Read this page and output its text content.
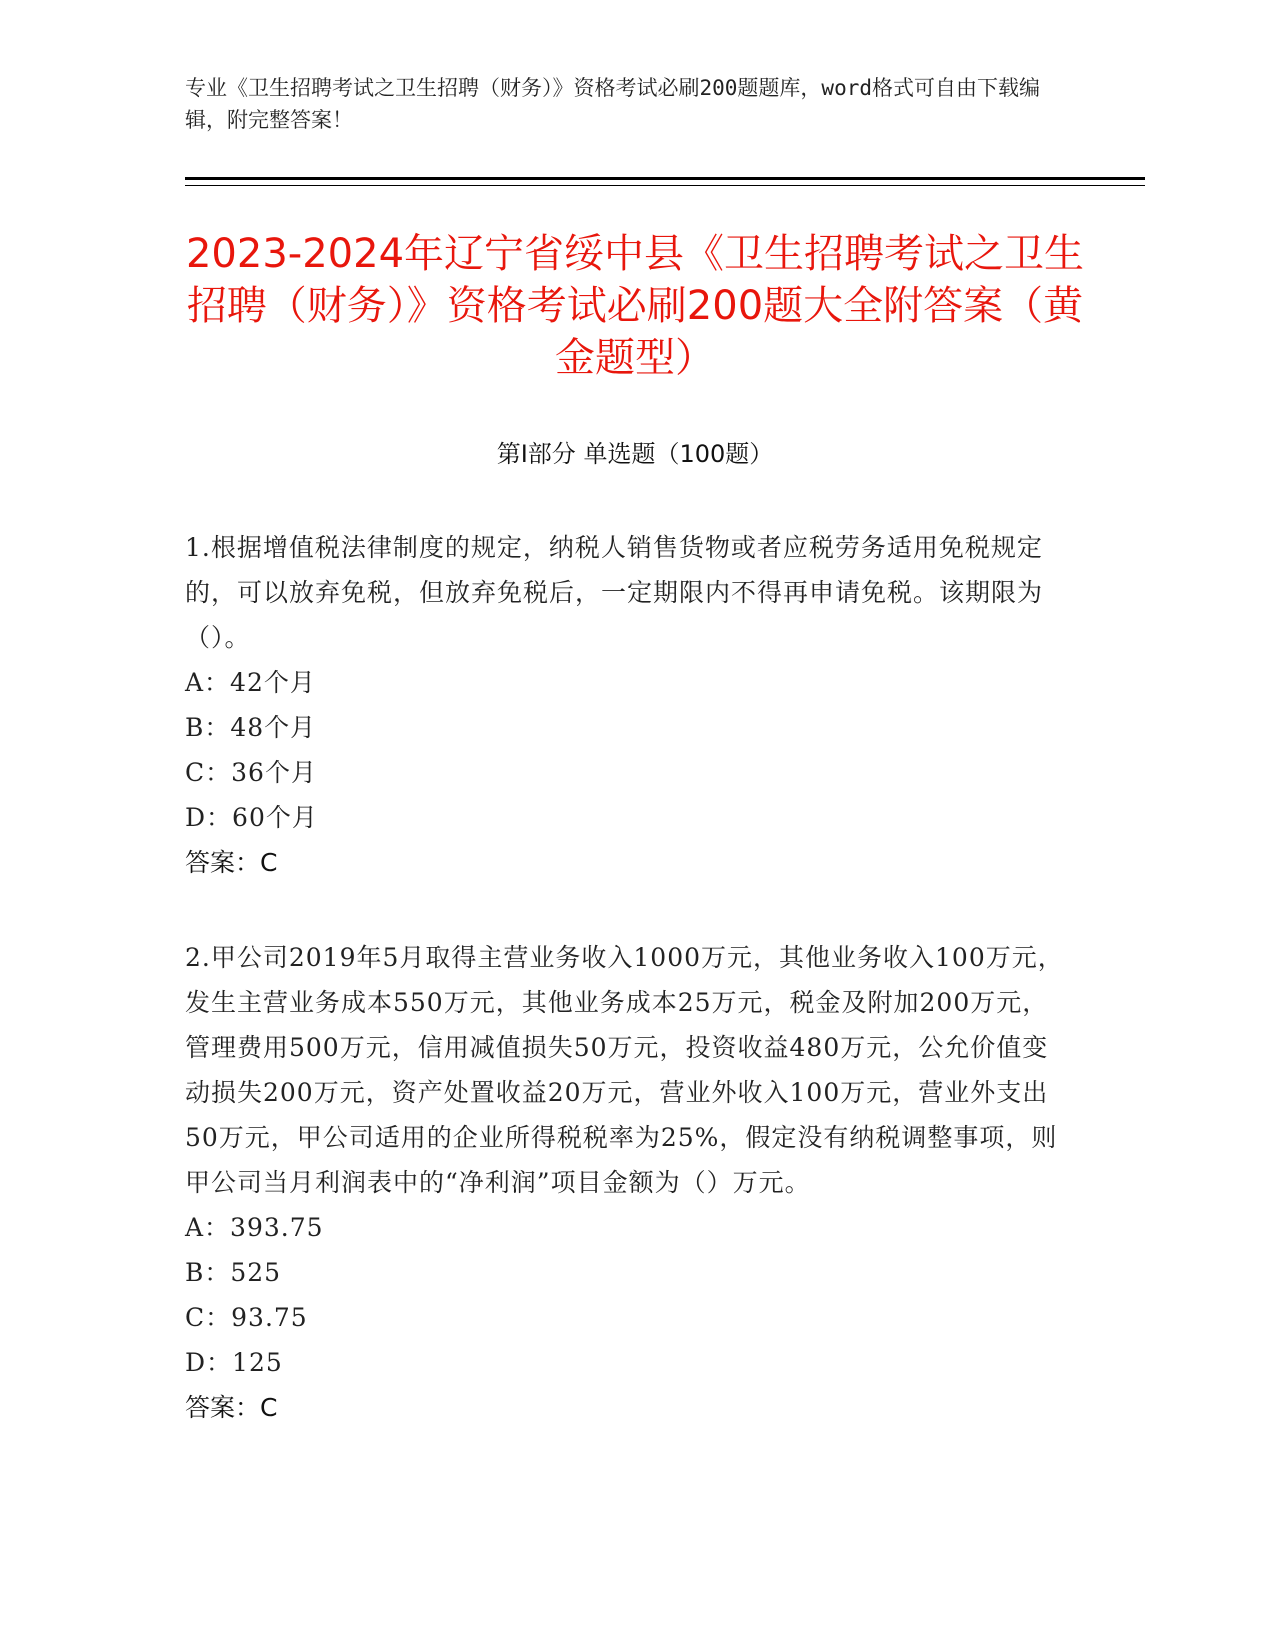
专业《卫生招聘考试之卫生招聘（财务）》资格考试必刷200题题库，word格式可自由下载编辑，附完整答案！
2023-2024年辽宁省绥中县《卫生招聘考试之卫生招聘（财务）》资格考试必刷200题大全附答案（黄金题型）
第Ⅰ部分 单选题（100题）
1.根据增值税法律制度的规定，纳税人销售货物或者应税劳务适用免税规定的，可以放弃免税，但放弃免税后，一定期限内不得再申请免税。该期限为（）。
A：42个月
B：48个月
C：36个月
D：60个月
答案：C
2.甲公司2019年5月取得主营业务收入1000万元，其他业务收入100万元，发生主营业务成本550万元，其他业务成本25万元，税金及附加200万元，管理费用500万元，信用减值损失50万元，投资收益480万元，公允价值变动损失200万元，资产处置收益20万元，营业外收入100万元，营业外支出50万元，甲公司适用的企业所得税税率为25%，假定没有纳税调整事项，则甲公司当月利润表中的“净利润”项目金额为（）万元。
A：393.75
B：525
C：93.75
D：125
答案：C
